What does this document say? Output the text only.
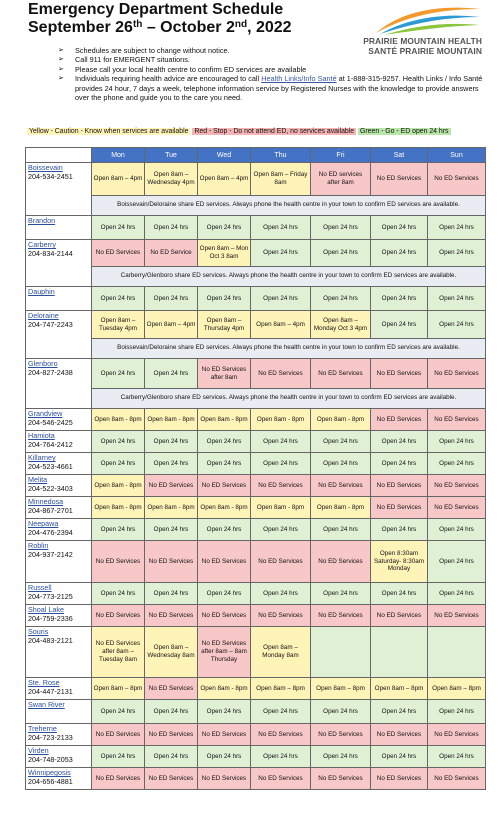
Emergency Department Schedule
September 26th – October 2nd, 2022
PRAIRIE MOUNTAIN HEALTH
SANTÉ PRAIRIE MOUNTAIN
➢ Schedules are subject to change without notice.
➢ Call 911 for EMERGENT situations.
➢ Please call your local health centre to confirm ED services are available
➢ Individuals requiring health advice are encouraged to call Health Links/Info Santé at 1-888-315-9257. Health Links / Info Santé provides 24 hour, 7 days a week, telephone information service by Registered Nurses with the knowledge to provide answers over the phone and guide you to the care you need.
Yellow - Caution - Know when services are available Red - Stop - Do not attend ED, no services available Green - Go - ED open 24 hrs
	Mon	Tue	Wed	Thu	Fri	Sat	Sun
Boissevain
204-534-2451	Open 8am – 4pm	Open 8am – Wednesday 4pm	Open 8am – 4pm	Open 8am – Friday 8am	No ED services after 8am	No ED Services	No ED Services
	Boissevain/Deloraine share ED services. Always phone the health centre in your town to confirm ED services are available.						
Brandon	Open 24 hrs	Open 24 hrs	Open 24 hrs	Open 24 hrs	Open 24 hrs	Open 24 hrs	Open 24 hrs
Carberry
204-834-2144	No ED Services	No ED Service	Open 8am – Mon Oct 3 8am	Open 24 hrs	Open 24 hrs	Open 24 hrs	Open 24 hrs
	Carberry/Glenboro share ED services. Always phone the health centre in your town to confirm ED services are available.						
Dauphin	Open 24 hrs	Open 24 hrs	Open 24 hrs	Open 24 hrs	Open 24 hrs	Open 24 hrs	Open 24 hrs
Deloraine
204-747-2243	Open 8am – Tuesday 4pm	Open 8am – 4pm	Open 8am – Thursday 4pm	Open 8am – 4pm	Open 8am – Monday Oct 3 4pm	Open 24 hrs	Open 24 hrs
	Boissevain/Deloraine share ED services. Always phone the health centre in your town to confirm ED services are available.						
Glenboro
204-827-2438	Open 24 hrs	Open 24 hrs	No ED Services after 8am	No ED Services	No ED Services	No ED Services	No ED Services
	Carberry/Glenboro share ED services. Always phone the health centre in your town to confirm ED services are available.						
Grandview
204-546-2425	Open 8am - 8pm	Open 8am - 8pm	Open 8am - 8pm	Open 8am - 8pm	Open 8am - 8pm	No ED Services	No ED Services
Hamiota
204-764-2412	Open 24 hrs	Open 24 hrs	Open 24 hrs	Open 24 hrs	Open 24 hrs	Open 24 hrs	Open 24 hrs
Killarney
204-523-4661	Open 24 hrs	Open 24 hrs	Open 24 hrs	Open 24 hrs	Open 24 hrs	Open 24 hrs	Open 24 hrs
Melita
204-522-3403	Open 8am - 8pm	No ED Services	No ED Services	No ED Services	No ED Services	No ED Services	No ED Services
Minnedosa
204-867-2701	Open 8am - 8pm	Open 8am - 8pm	Open 8am - 8pm	Open 8am - 8pm	Open 8am - 8pm	No ED Services	No ED Services
Neepawa
204-476-2394	Open 24 hrs	Open 24 hrs	Open 24 hrs	Open 24 hrs	Open 24 hrs	Open 24 hrs	Open 24 hrs
Roblin
204-937-2142	No ED Services	No ED Services	No ED Services	No ED Services	No ED Services	Open 8:30am Saturday- 8:30am Monday	Open 24 hrs
Russell
204-773-2125	Open 24 hrs	Open 24 hrs	Open 24 hrs	Open 24 hrs	Open 24 hrs	Open 24 hrs	Open 24 hrs
Shoal Lake
204-759-2336	No ED Services	No ED Services	No ED Services	No ED Services	No ED Services	No ED Services	No ED Services
Souris
204-483-2121	No ED Services after 8am – Tuesday 8am	Open 8am – Wednesday 8am	No ED Services after 8am – 8am Thursday	Open 8am – Monday 8am			
Ste. Rose
204-447-2131	Open 8am – 8pm	No ED Services	Open 8am - 8pm	Open 8am – 8pm	Open 8am – 8pm	Open 8am – 8pm	Open 8am – 8pm
Swan River	Open 24 hrs	Open 24 hrs	Open 24 hrs	Open 24 hrs	Open 24 hrs	Open 24 hrs	Open 24 hrs
Treherne
204-723-2133	No ED Services	No ED Services	No ED Services	No ED Services	No ED Services	No ED Services	No ED Services
Virden
204-748-2053	Open 24 hrs	Open 24 hrs	Open 24 hrs	Open 24 hrs	Open 24 hrs	Open 24 hrs	Open 24 hrs
Winnipegosis
204-656-4881	No ED Services	No ED Services	No ED Services	No ED Services	No ED Services	No ED Services	No ED Services
